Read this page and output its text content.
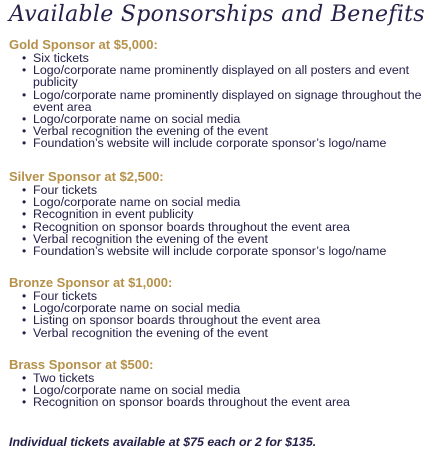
Available Sponsorships and Benefits
Gold Sponsor at $5,000:
• Six tickets
• Logo/corporate name prominently displayed on all posters and event publicity
• Logo/corporate name prominently displayed on signage throughout the event area
• Logo/corporate name on social media
• Verbal recognition the evening of the event
• Foundation’s website will include corporate sponsor’s logo/name
Silver Sponsor at $2,500:
• Four tickets
• Logo/corporate name on social media
• Recognition in event publicity
• Recognition on sponsor boards throughout the event area
• Verbal recognition the evening of the event
• Foundation’s website will include corporate sponsor’s logo/name
Bronze Sponsor at $1,000:
• Four tickets
• Logo/corporate name on social media
• Listing on sponsor boards throughout the event area
• Verbal recognition the evening of the event
Brass Sponsor at $500:
• Two tickets
• Logo/corporate name on social media
• Recognition on sponsor boards throughout the event area
Individual tickets available at $75 each or 2 for $135.
